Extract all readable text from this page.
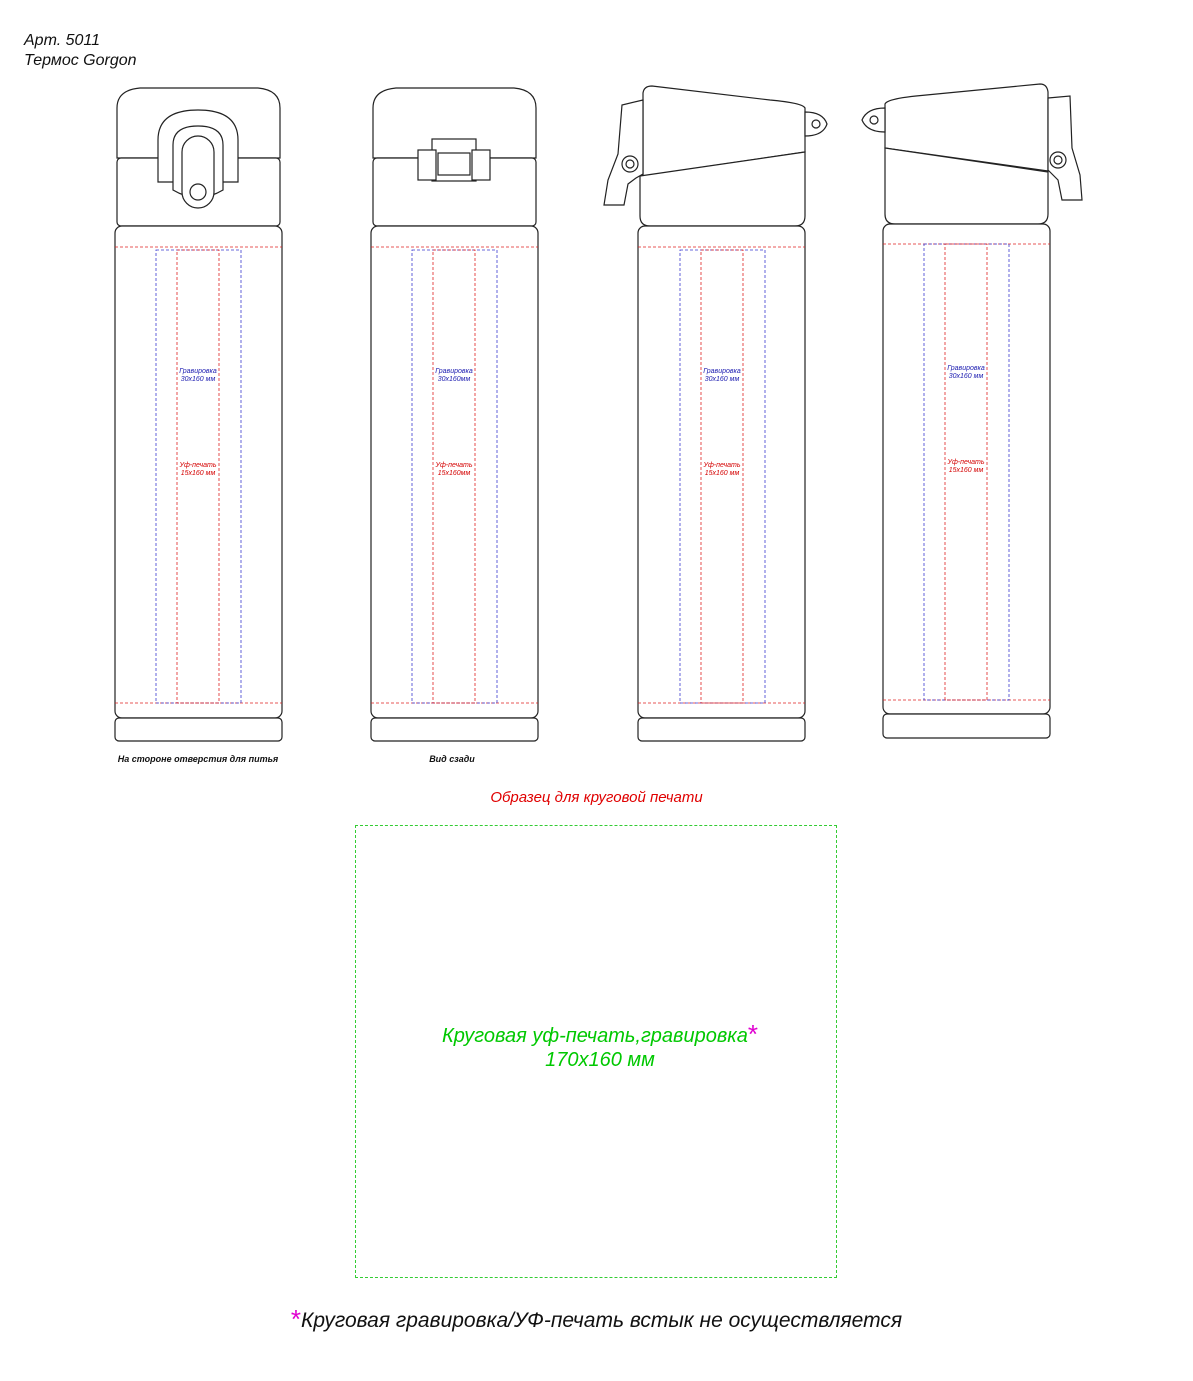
Арт. 5011
Термос Gorgon
Гравировка
30х160 мм
Уф-печать
15х160 мм
Гравировка
30х160мм
Уф-печать
15х160мм
Гравировка
30х160 мм
Уф-печать
15х160 мм
Гравировка
30х160 мм
Уф-печать
15х160 мм
На стороне отверстия для питья	Вид сзади
Образец для круговой печати
Круговая уф-печать,гравировка*
170х160 мм
*Круговая гравировка/УФ-печать встык не осуществляется
